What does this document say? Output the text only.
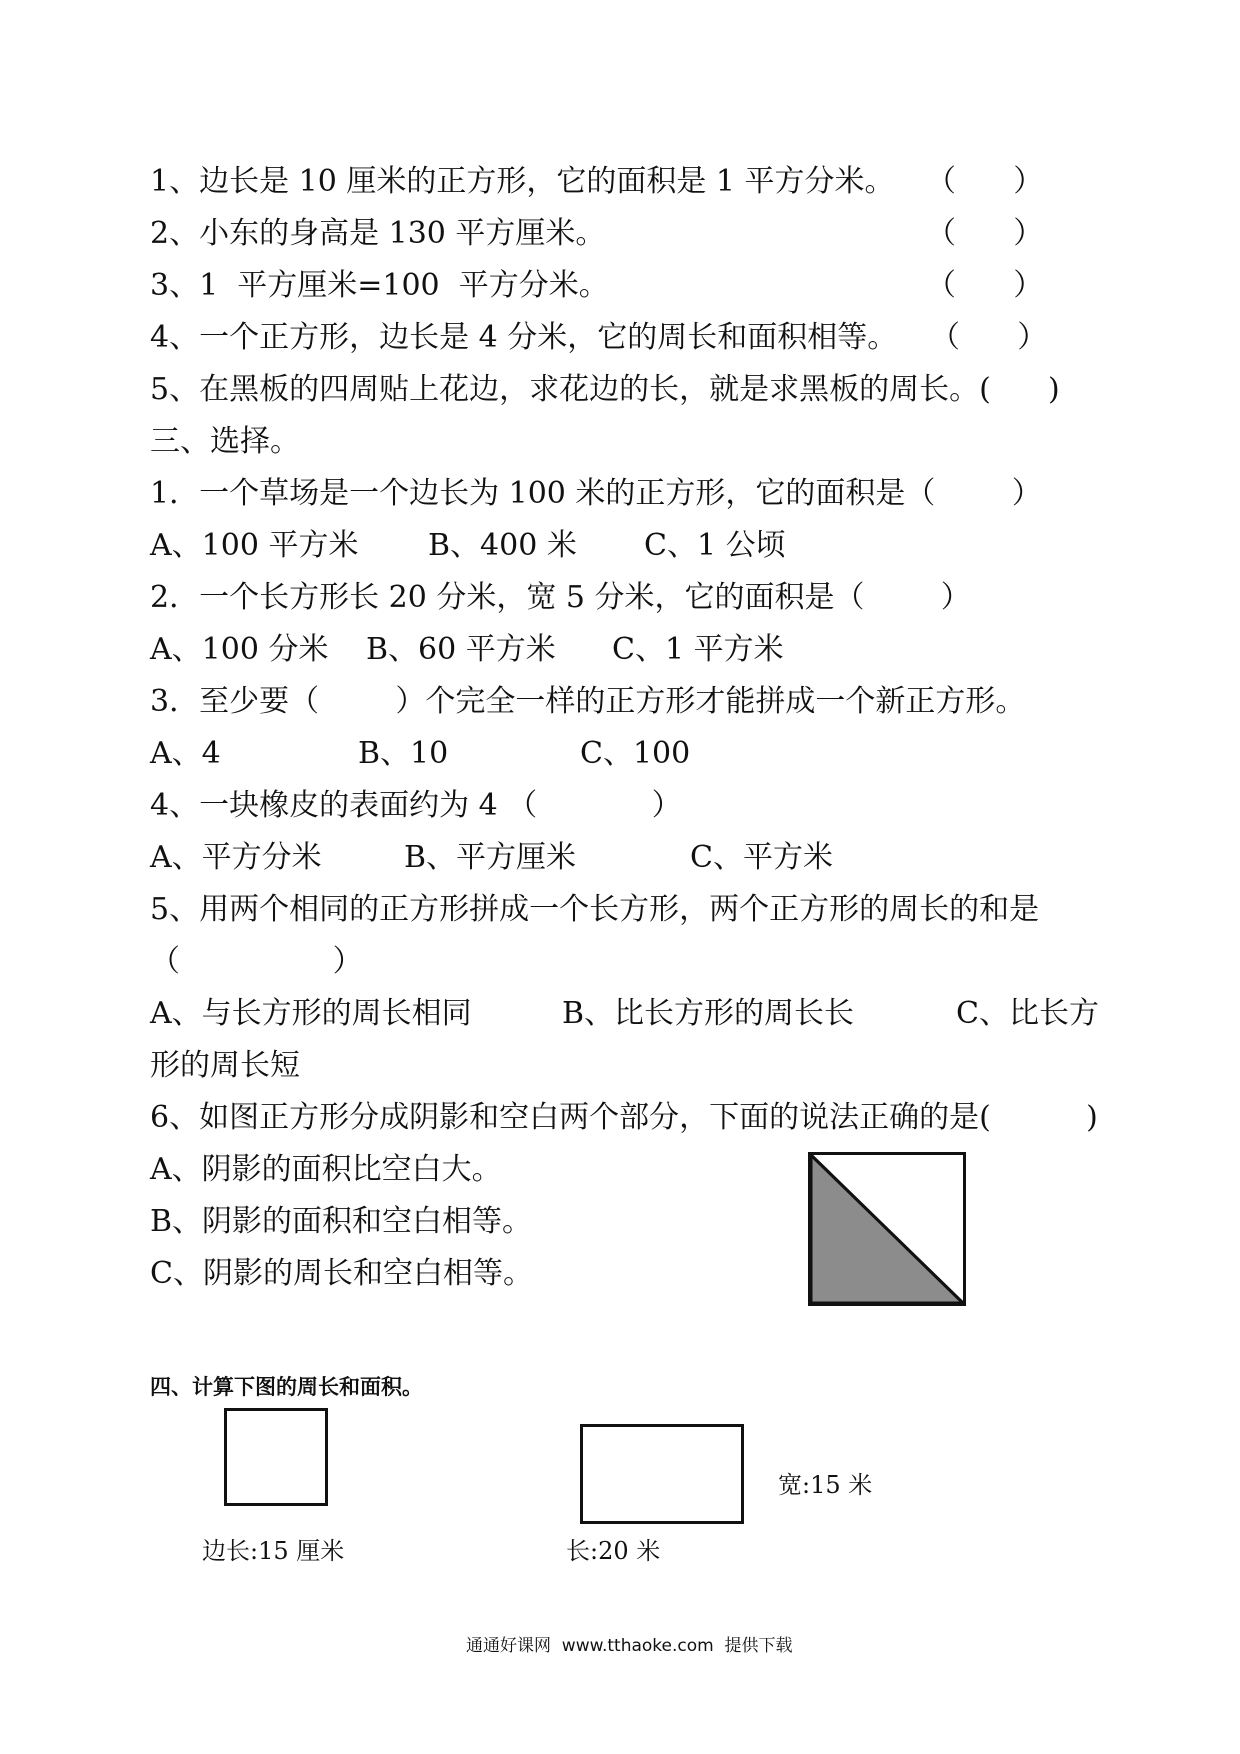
1、边长是 10 厘米的正方形，它的面积是 1 平方分米。 （      ）
2、小东的身高是 130 平方厘米。	（      ）
3、1  平方厘米=100  平方分米。	（      ）
4、一个正方形，边长是 4 分米，它的周长和面积相等。 （      ）
5、在黑板的四周贴上花边，求花边的长，就是求黑板的周长。(      )
三、选择。
1．一个草场是一个边长为 100 米的正方形，它的面积是（        ）
A、100 平方米 B、400 米 C、1 公顷
2．一个长方形长 20 分米，宽 5 分米，它的面积是（        ）
A、100 分米 B、60 平方米 C、1 平方米
3．至少要（        ）个完全一样的正方形才能拼成一个新正方形。
A、4	B、10	C、100
4、一块橡皮的表面约为 4 （            ）
A、平方分米	B、平方厘米	C、平方米
5、用两个相同的正方形拼成一个长方形，两个正方形的周长的和是
（                ）
A、与长方形的周长相同	B、比长方形的周长长	C、比长方
形的周长短
6、如图正方形分成阴影和空白两个部分，下面的说法正确的是(          )
A、阴影的面积比空白大。
B、阴影的面积和空白相等。
C、阴影的周长和空白相等。
四、计算下图的周长和面积。
边长:15 厘米
宽:15 米
长:20 米
通通好课网  www.tthaoke.com  提供下载
